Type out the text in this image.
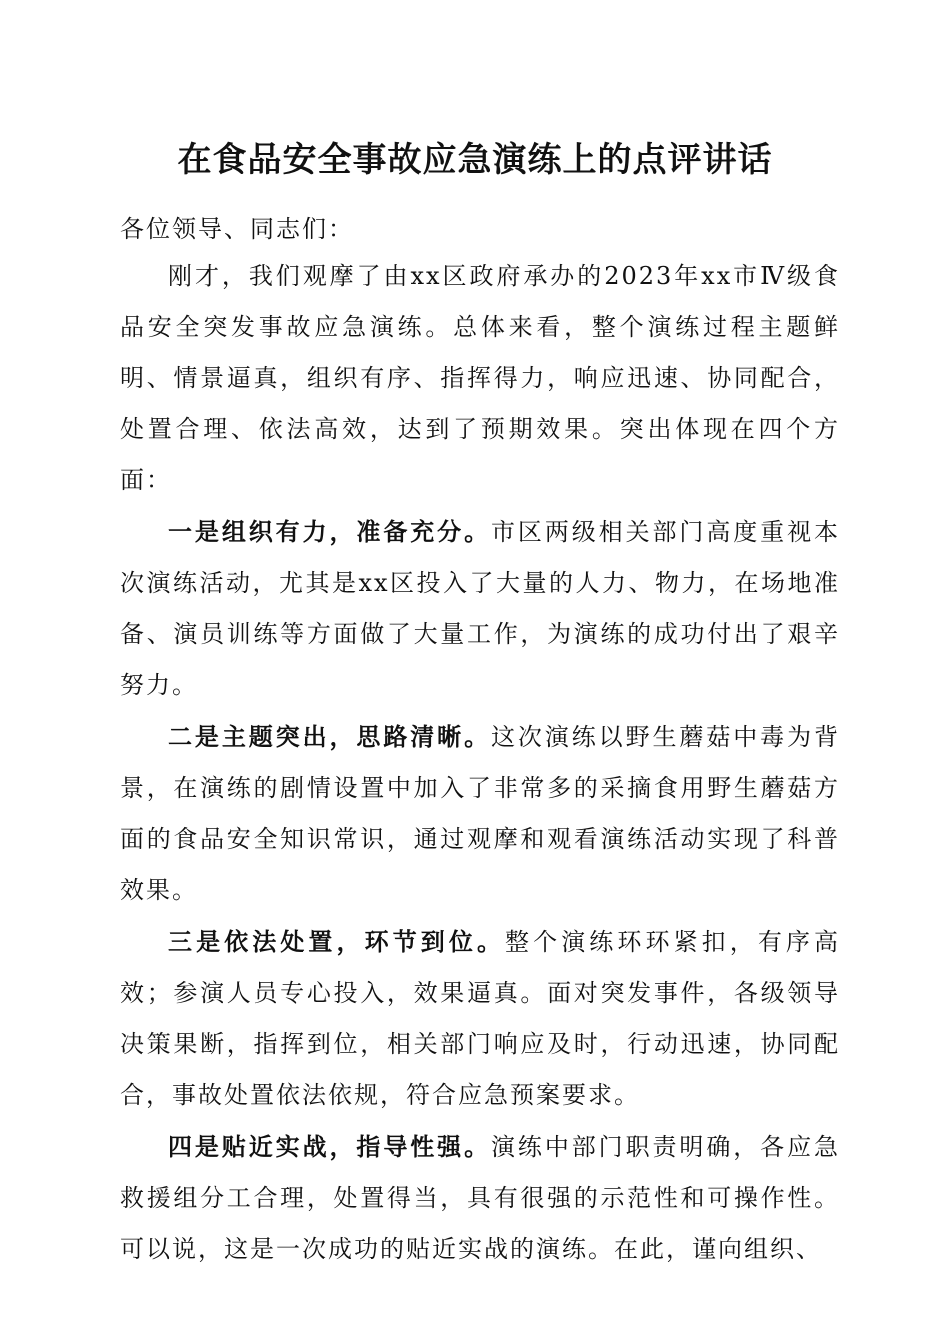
在食品安全事故应急演练上的点评讲话

各位领导、同志们：

刚才，我们观摩了由xx区政府承办的2023年xx市Ⅳ级食品安全突发事故应急演练。总体来看，整个演练过程主题鲜明、情景逼真，组织有序、指挥得力，响应迅速、协同配合，处置合理、依法高效，达到了预期效果。突出体现在四个方面：

一是组织有力，准备充分。市区两级相关部门高度重视本次演练活动，尤其是xx区投入了大量的人力、物力，在场地准备、演员训练等方面做了大量工作，为演练的成功付出了艰辛努力。

二是主题突出，思路清晰。这次演练以野生蘑菇中毒为背景，在演练的剧情设置中加入了非常多的采摘食用野生蘑菇方面的食品安全知识常识，通过观摩和观看演练活动实现了科普效果。

三是依法处置，环节到位。整个演练环环紧扣，有序高效；参演人员专心投入，效果逼真。面对突发事件，各级领导决策果断，指挥到位，相关部门响应及时，行动迅速，协同配合，事故处置依法依规，符合应急预案要求。

四是贴近实战，指导性强。演练中部门职责明确，各应急救援组分工合理，处置得当，具有很强的示范性和可操作性。可以说，这是一次成功的贴近实战的演练。在此，谨向组织、
